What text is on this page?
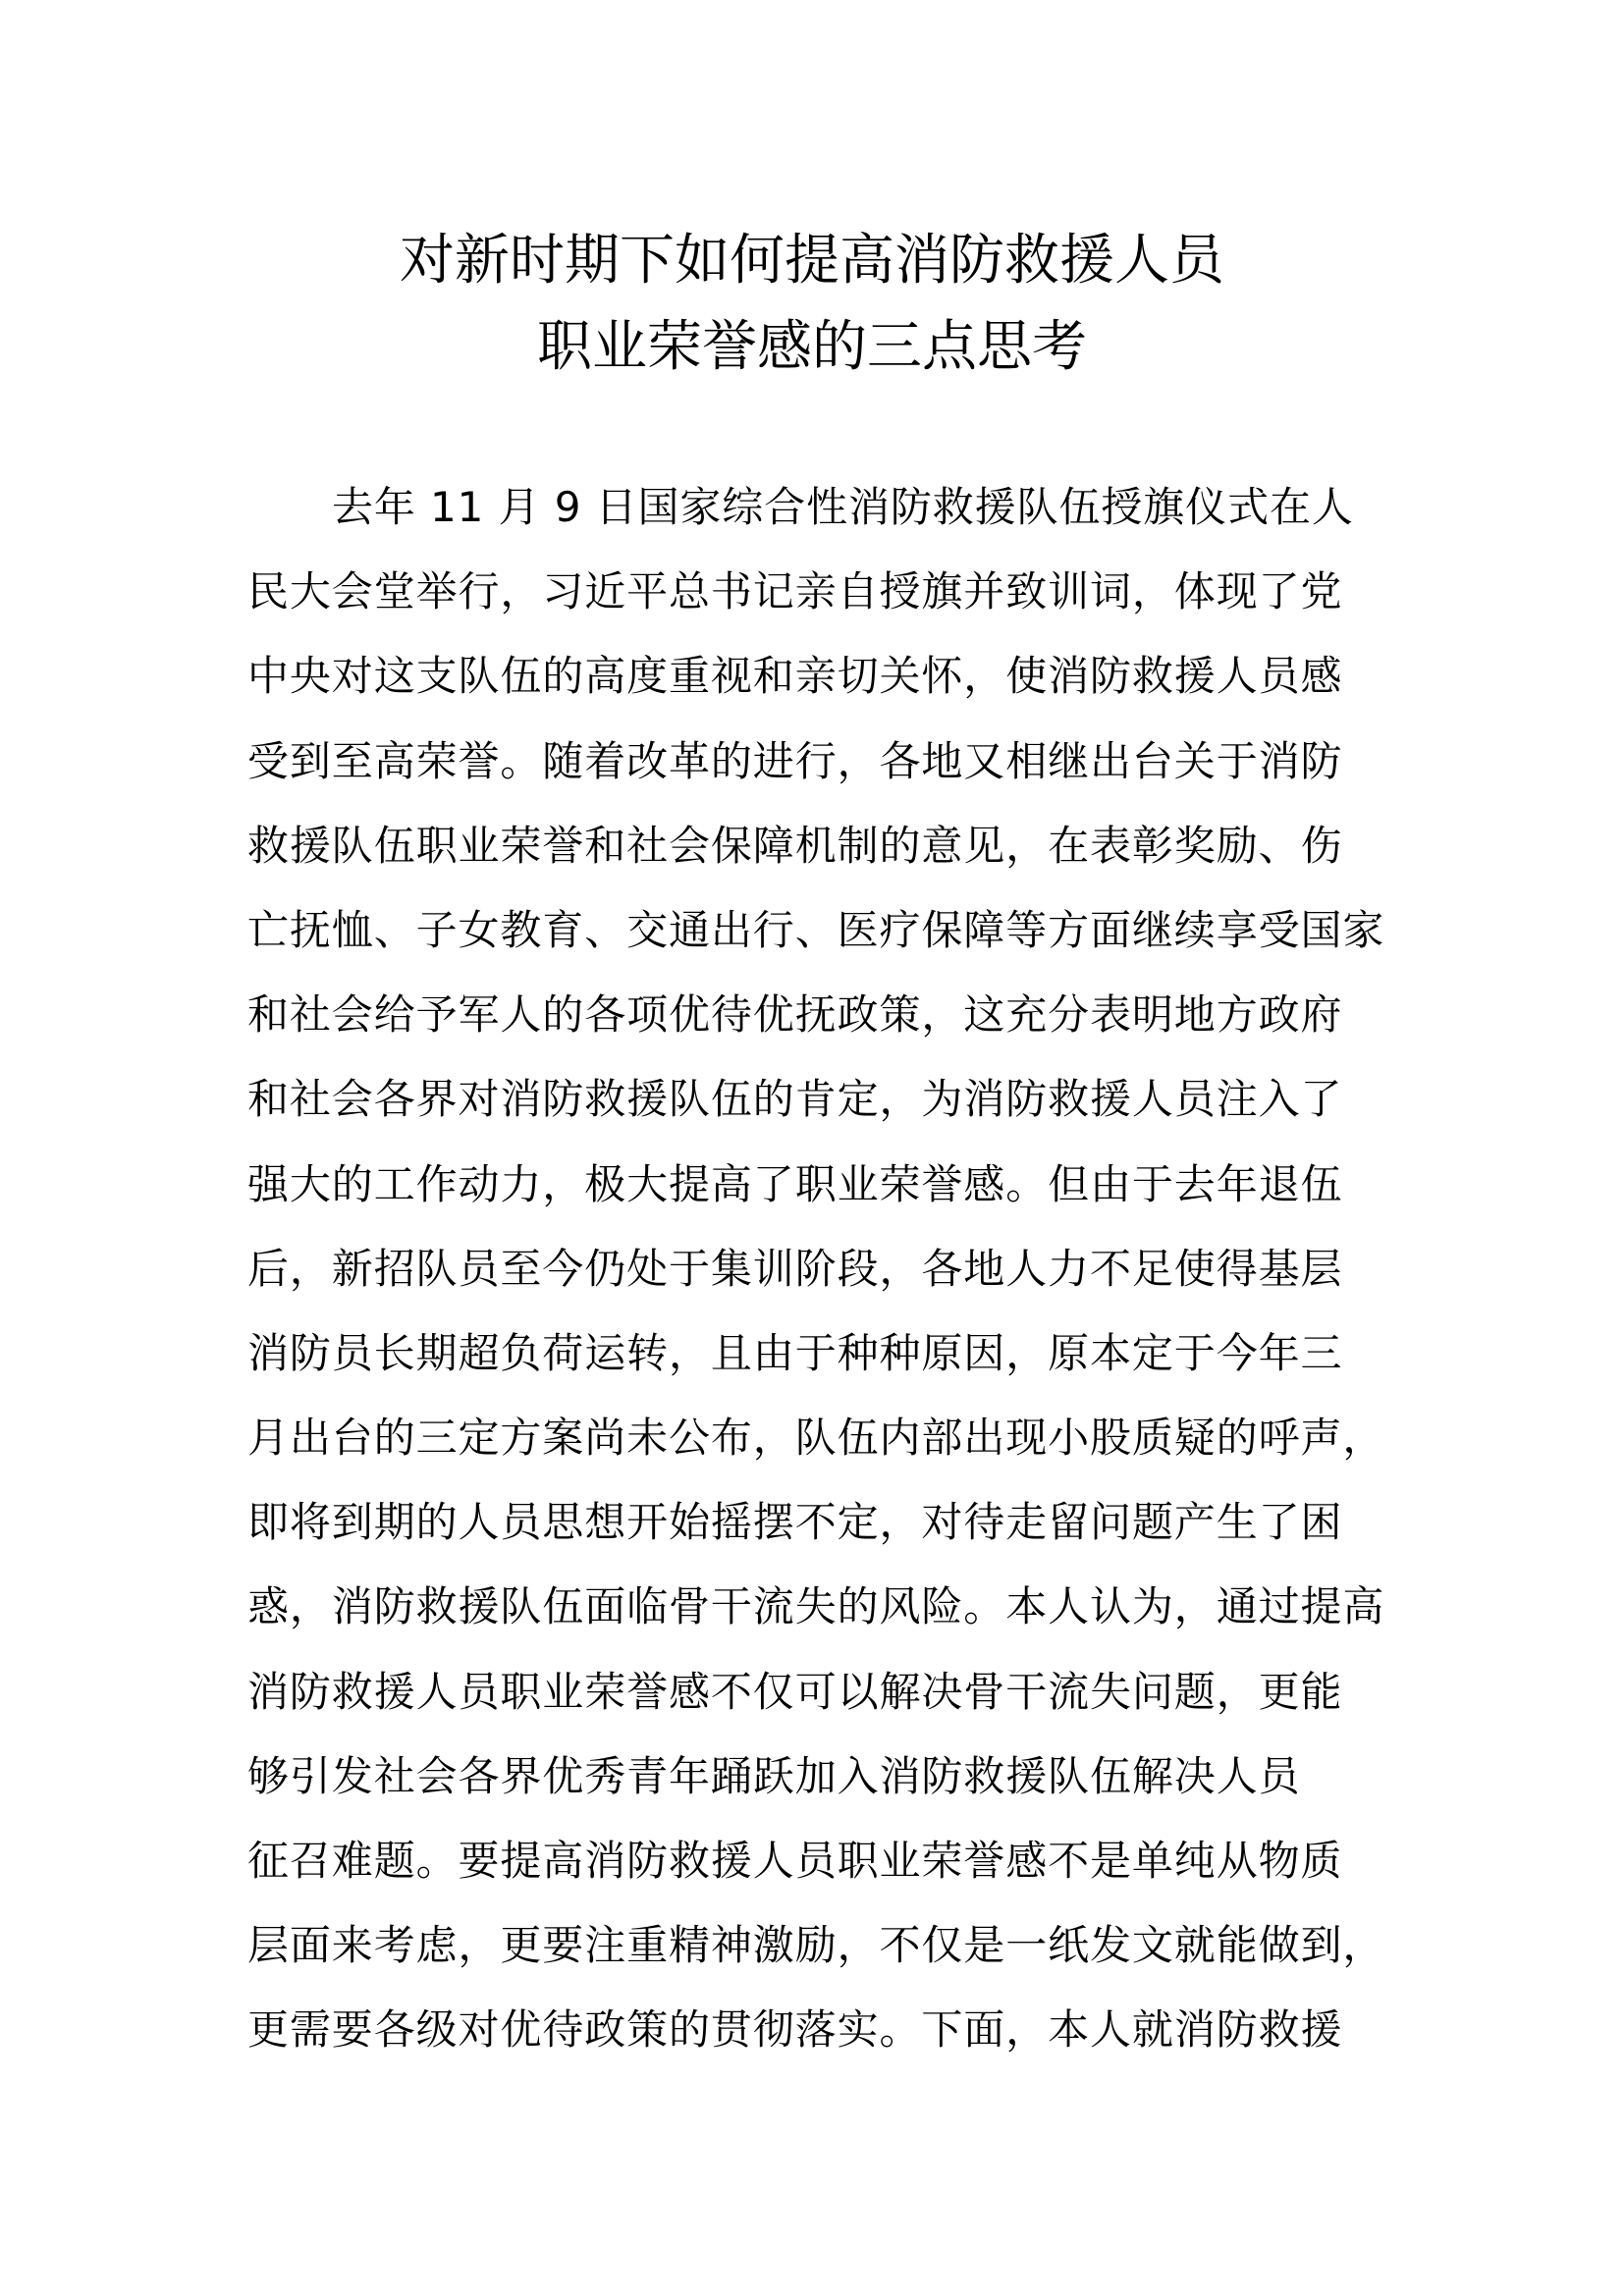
对新时期下如何提高消防救援人员
职业荣誉感的三点思考
去年 11 月 9 日国家综合性消防救援队伍授旗仪式在人
民大会堂举行，习近平总书记亲自授旗并致训词，体现了党
中央对这支队伍的高度重视和亲切关怀，使消防救援人员感
受到至高荣誉。随着改革的进行，各地又相继出台关于消防
救援队伍职业荣誉和社会保障机制的意见，在表彰奖励、伤
亡抚恤、子女教育、交通出行、医疗保障等方面继续享受国家
和社会给予军人的各项优待优抚政策，这充分表明地方政府
和社会各界对消防救援队伍的肯定，为消防救援人员注入了
强大的工作动力，极大提高了职业荣誉感。但由于去年退伍
后，新招队员至今仍处于集训阶段，各地人力不足使得基层
消防员长期超负荷运转，且由于种种原因，原本定于今年三
月出台的三定方案尚未公布，队伍内部出现小股质疑的呼声，
即将到期的人员思想开始摇摆不定，对待走留问题产生了困
惑，消防救援队伍面临骨干流失的风险。本人认为，通过提高
消防救援人员职业荣誉感不仅可以解决骨干流失问题，更能
够引发社会各界优秀青年踊跃加入消防救援队伍解决人员
征召难题。要提高消防救援人员职业荣誉感不是单纯从物质
层面来考虑，更要注重精神激励，不仅是一纸发文就能做到，
更需要各级对优待政策的贯彻落实。下面，本人就消防救援
